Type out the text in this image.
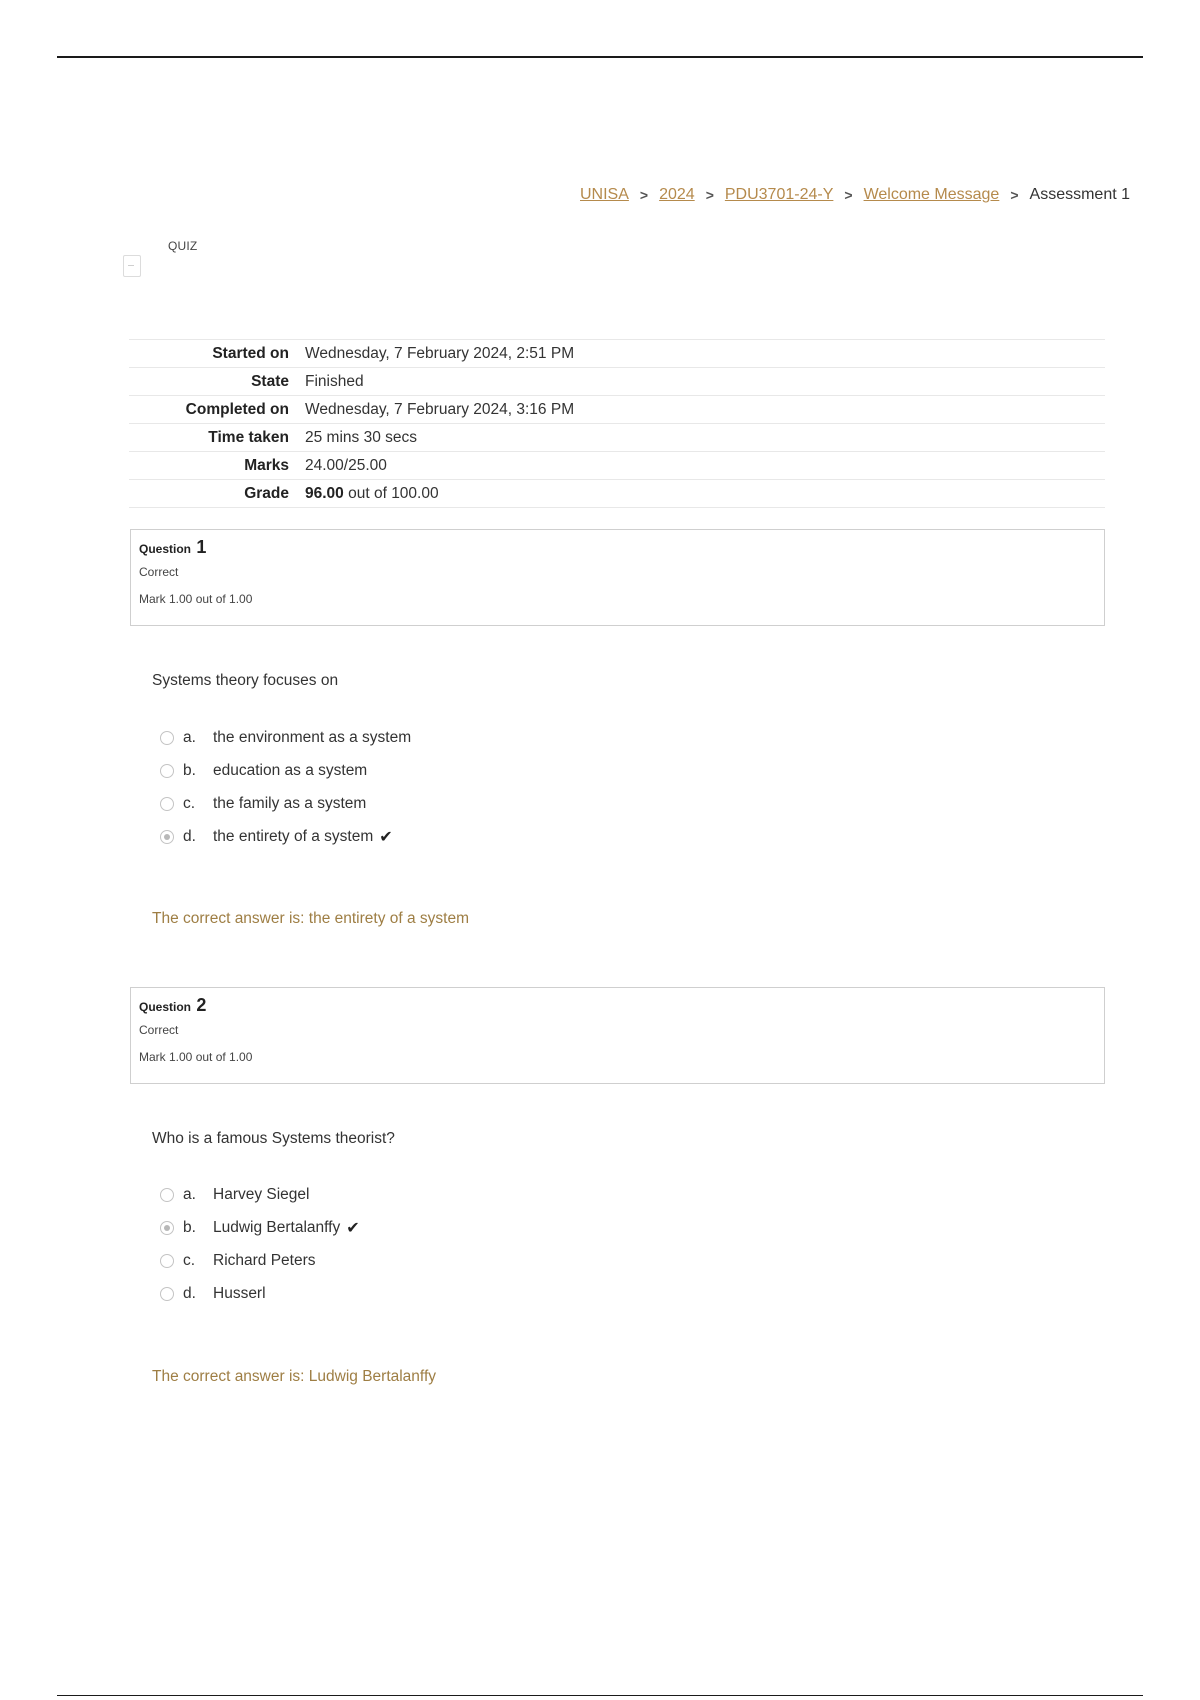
UNISA > 2024 > PDU3701-24-Y > Welcome Message > Assessment 1
QUIZ
Started on	Wednesday, 7 February 2024, 2:51 PM
State	Finished
Completed on	Wednesday, 7 February 2024, 3:16 PM
Time taken	25 mins 30 secs
Marks	24.00/25.00
Grade	96.00 out of 100.00
Question 1
Correct
Mark 1.00 out of 1.00
Systems theory focuses on
a.	the environment as a system
b.	education as a system
c.	the family as a system
d.	the entirety of a system ✔
The correct answer is: the entirety of a system
Question 2
Correct
Mark 1.00 out of 1.00
Who is a famous Systems theorist?
a.	Harvey Siegel
b.	Ludwig Bertalanffy ✔
c.	Richard Peters
d.	Husserl
The correct answer is: Ludwig Bertalanffy
